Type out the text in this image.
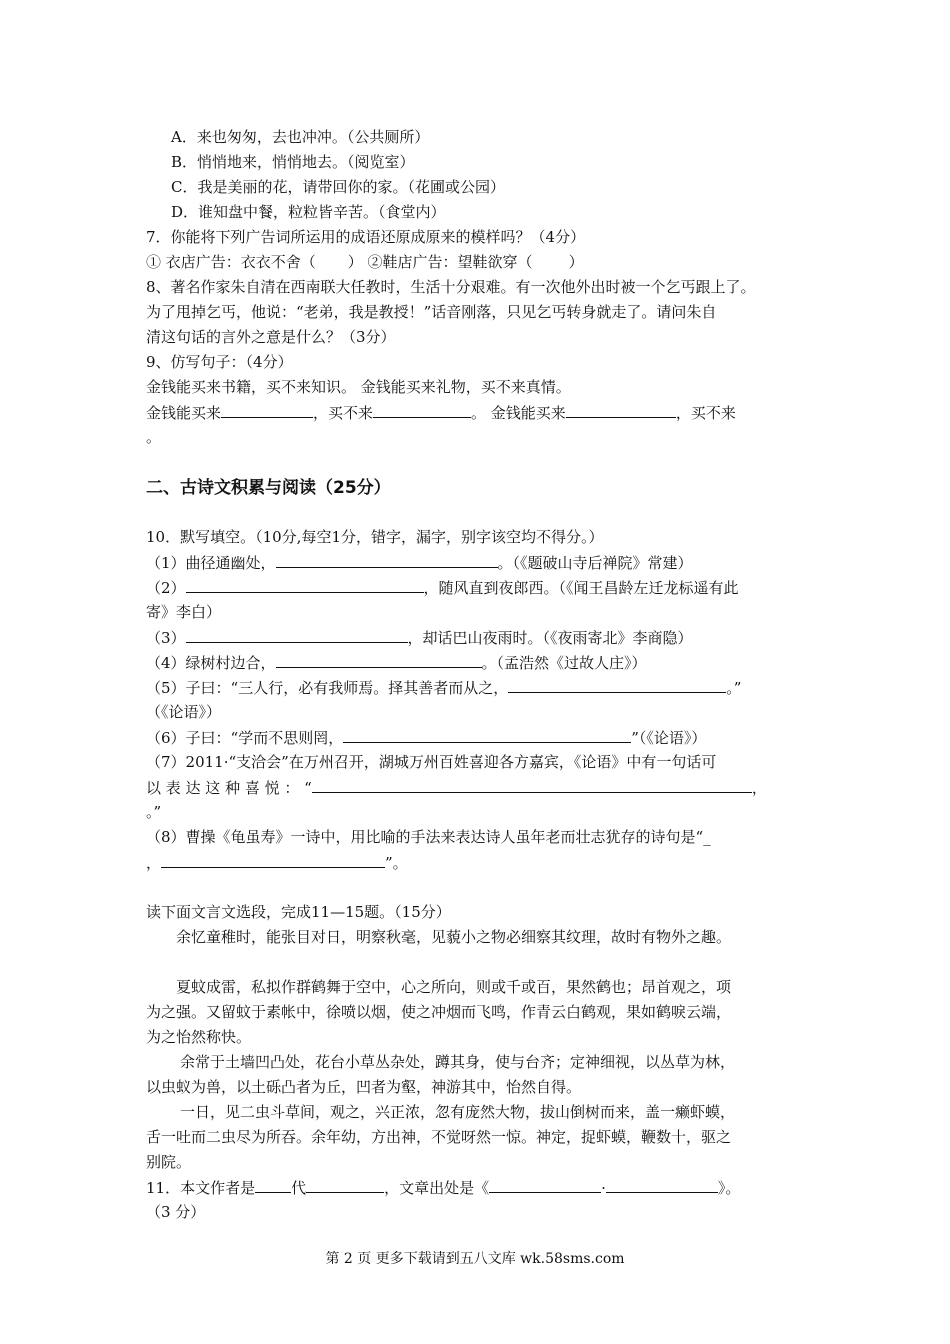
A．来也匆匆，去也冲冲。（公共厕所）
B．悄悄地来，悄悄地去。（阅览室）
C．我是美丽的花，请带回你的家。（花圃或公园）
D．谁知盘中餐，粒粒皆辛苦。（食堂内）
7．你能将下列广告词所运用的成语还原成原来的模样吗？（4分）
① 衣店广告：衣衣不舍（ ） ②鞋店广告：望鞋欲穿（ ）
8、著名作家朱自清在西南联大任教时，生活十分艰难。有一次他外出时被一个乞丐跟上了。
为了甩掉乞丐，他说：“老弟，我是教授！”话音刚落，只见乞丐转身就走了。请问朱自
清这句话的言外之意是什么？（3分）
9、仿写句子：（4分）
金钱能买来书籍，买不来知识。 金钱能买来礼物，买不来真情。
金钱能买来	，买不来	。 金钱能买来	，买不来
。
二、古诗文积累与阅读（25分）
10．默写填空。（10分,每空1分，错字，漏字，别字该空均不得分。）
（1）曲径通幽处，	。（《题破山寺后禅院》常建）
（2）	，随风直到夜郎西。（《闻王昌龄左迁龙标遥有此
寄》李白）
（3）	，却话巴山夜雨时。（《夜雨寄北》李商隐）
（4）绿树村边合，	。（孟浩然《过故人庄》）
（5）子曰：“三人行，必有我师焉。择其善者而从之，	。”
（《论语》）
（6）子曰：“学而不思则罔，	”（《论语》）
（7）2011·“支洽会”在万州召开，湖城万州百姓喜迎各方嘉宾，《论语》中有一句话可
以 表 达 这 种 喜 悦 ： “	，
。”
（8）曹操《龟虽寿》一诗中，用比喻的手法来表达诗人虽年老而壮志犹存的诗句是“_
，	”。
读下面文言文选段，完成11—15题。（15分）
余忆童稚时，能张目对日，明察秋毫，见藐小之物必细察其纹理，故时有物外之趣。
夏蚊成雷，私拟作群鹤舞于空中，心之所向，则或千或百，果然鹤也；昂首观之，项
为之强。又留蚊于素帐中，徐喷以烟，使之冲烟而飞鸣，作青云白鹤观，果如鹤唳云端，
为之怡然称快。
余常于土墙凹凸处，花台小草丛杂处，蹲其身，使与台齐；定神细视，以丛草为林，
以虫蚁为兽，以土砾凸者为丘，凹者为壑，神游其中，怡然自得。
一日，见二虫斗草间，观之，兴正浓，忽有庞然大物，拔山倒树而来，盖一癞虾蟆，
舌一吐而二虫尽为所吞。余年幼，方出神，不觉呀然一惊。神定，捉虾蟆，鞭数十，驱之
别院。
11．本文作者是 代	，文章出处是《	·	》。
（3 分）
第 2 页 更多下载请到五八文库 wk.58sms.com
